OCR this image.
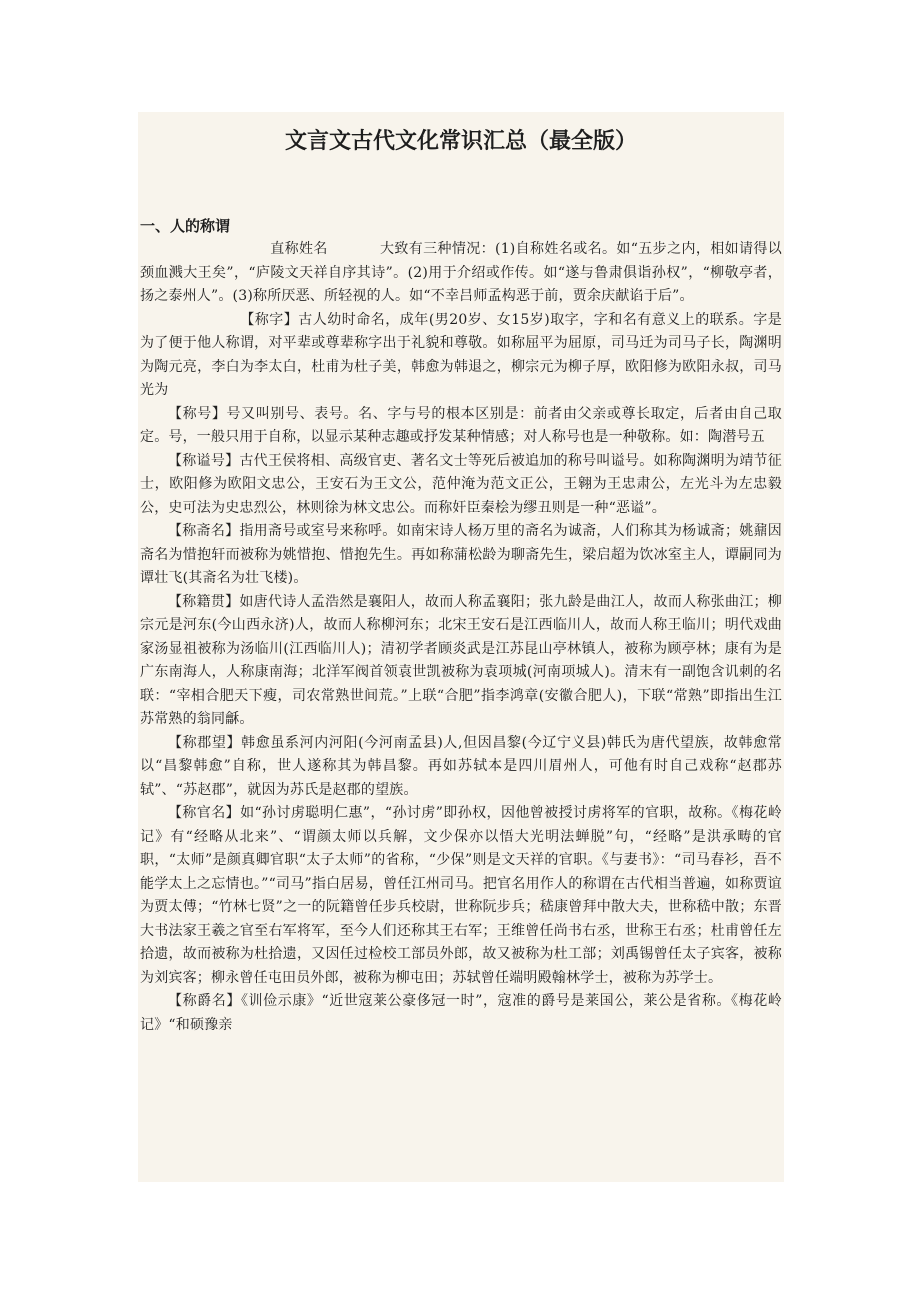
文言文古代文化常识汇总（最全版）
一、人的称谓

直称姓名	大致有三种情况：(1)自称姓名或名。如“五步之内，相如请得以颈血溅大王矣”，“庐陵文天祥自序其诗”。(2)用于介绍或作传。如“遂与鲁肃俱诣孙权”，“柳敬亭者，扬之泰州人”。(3)称所厌恶、所轻视的人。如“不幸吕师孟构恶于前，贾余庆献谄于后”。

【称字】古人幼时命名，成年(男20岁、女15岁)取字，字和名有意义上的联系。字是为了便于他人称谓，对平辈或尊辈称字出于礼貌和尊敬。如称屈平为屈原，司马迁为司马子长，陶渊明为陶元亮，李白为李太白，杜甫为杜子美，韩愈为韩退之，柳宗元为柳子厚，欧阳修为欧阳永叔，司马光为

【称号】号又叫别号、表号。名、字与号的根本区别是：前者由父亲或尊长取定，后者由自己取定。号，一般只用于自称，以显示某种志趣或抒发某种情感；对人称号也是一种敬称。如：陶潜号五

【称谥号】古代王侯将相、高级官吏、著名文士等死后被追加的称号叫谥号。如称陶渊明为靖节征士，欧阳修为欧阳文忠公，王安石为王文公，范仲淹为范文正公，王翱为王忠肃公，左光斗为左忠毅公，史可法为史忠烈公，林则徐为林文忠公。而称奸臣秦桧为缪丑则是一种“恶谥”。

【称斋名】指用斋号或室号来称呼。如南宋诗人杨万里的斋名为诚斋，人们称其为杨诚斋；姚鼐因斋名为惜抱轩而被称为姚惜抱、惜抱先生。再如称蒲松龄为聊斋先生，梁启超为饮冰室主人，谭嗣同为谭壮飞(其斋名为壮飞楼)。

【称籍贯】如唐代诗人孟浩然是襄阳人，故而人称孟襄阳；张九龄是曲江人，故而人称张曲江；柳宗元是河东(今山西永济)人，故而人称柳河东；北宋王安石是江西临川人，故而人称王临川；明代戏曲家汤显祖被称为汤临川(江西临川人)；清初学者顾炎武是江苏昆山亭林镇人，被称为顾亭林；康有为是广东南海人，人称康南海；北洋军阀首领袁世凯被称为袁项城(河南项城人)。清末有一副饱含讥刺的名联：“宰相合肥天下瘦，司农常熟世间荒。”上联“合肥”指李鸿章(安徽合肥人)，下联“常熟”即指出生江苏常熟的翁同龢。

【称郡望】韩愈虽系河内河阳(今河南孟县)人,但因昌黎(今辽宁义县)韩氏为唐代望族，故韩愈常以“昌黎韩愈”自称，世人遂称其为韩昌黎。再如苏轼本是四川眉州人，可他有时自己戏称“赵郡苏轼”、“苏赵郡”，就因为苏氏是赵郡的望族。

【称官名】如“孙讨虏聪明仁惠”，“孙讨虏”即孙权，因他曾被授讨虏将军的官职，故称。《梅花岭记》有“经略从北来”、“谓颜太师以兵解，文少保亦以悟大光明法蝉脱”句，“经略”是洪承畴的官职，“太师”是颜真卿官职“太子太师”的省称，“少保”则是文天祥的官职。《与妻书》：“司马春衫，吾不能学太上之忘情也。”“司马”指白居易，曾任江州司马。把官名用作人的称谓在古代相当普遍，如称贾谊为贾太傅；“竹林七贤”之一的阮籍曾任步兵校尉，世称阮步兵；嵇康曾拜中散大夫，世称嵇中散；东晋大书法家王羲之官至右军将军，至今人们还称其王右军；王维曾任尚书右丞，世称王右丞；杜甫曾任左拾遗，故而被称为杜拾遗，又因任过检校工部员外郎，故又被称为杜工部；刘禹锡曾任太子宾客，被称为刘宾客；柳永曾任屯田员外郎，被称为柳屯田；苏轼曾任端明殿翰林学士，被称为苏学士。

【称爵名】《训俭示康》“近世寇莱公豪侈冠一时”，寇准的爵号是莱国公，莱公是省称。《梅花岭记》“和硕豫亲
